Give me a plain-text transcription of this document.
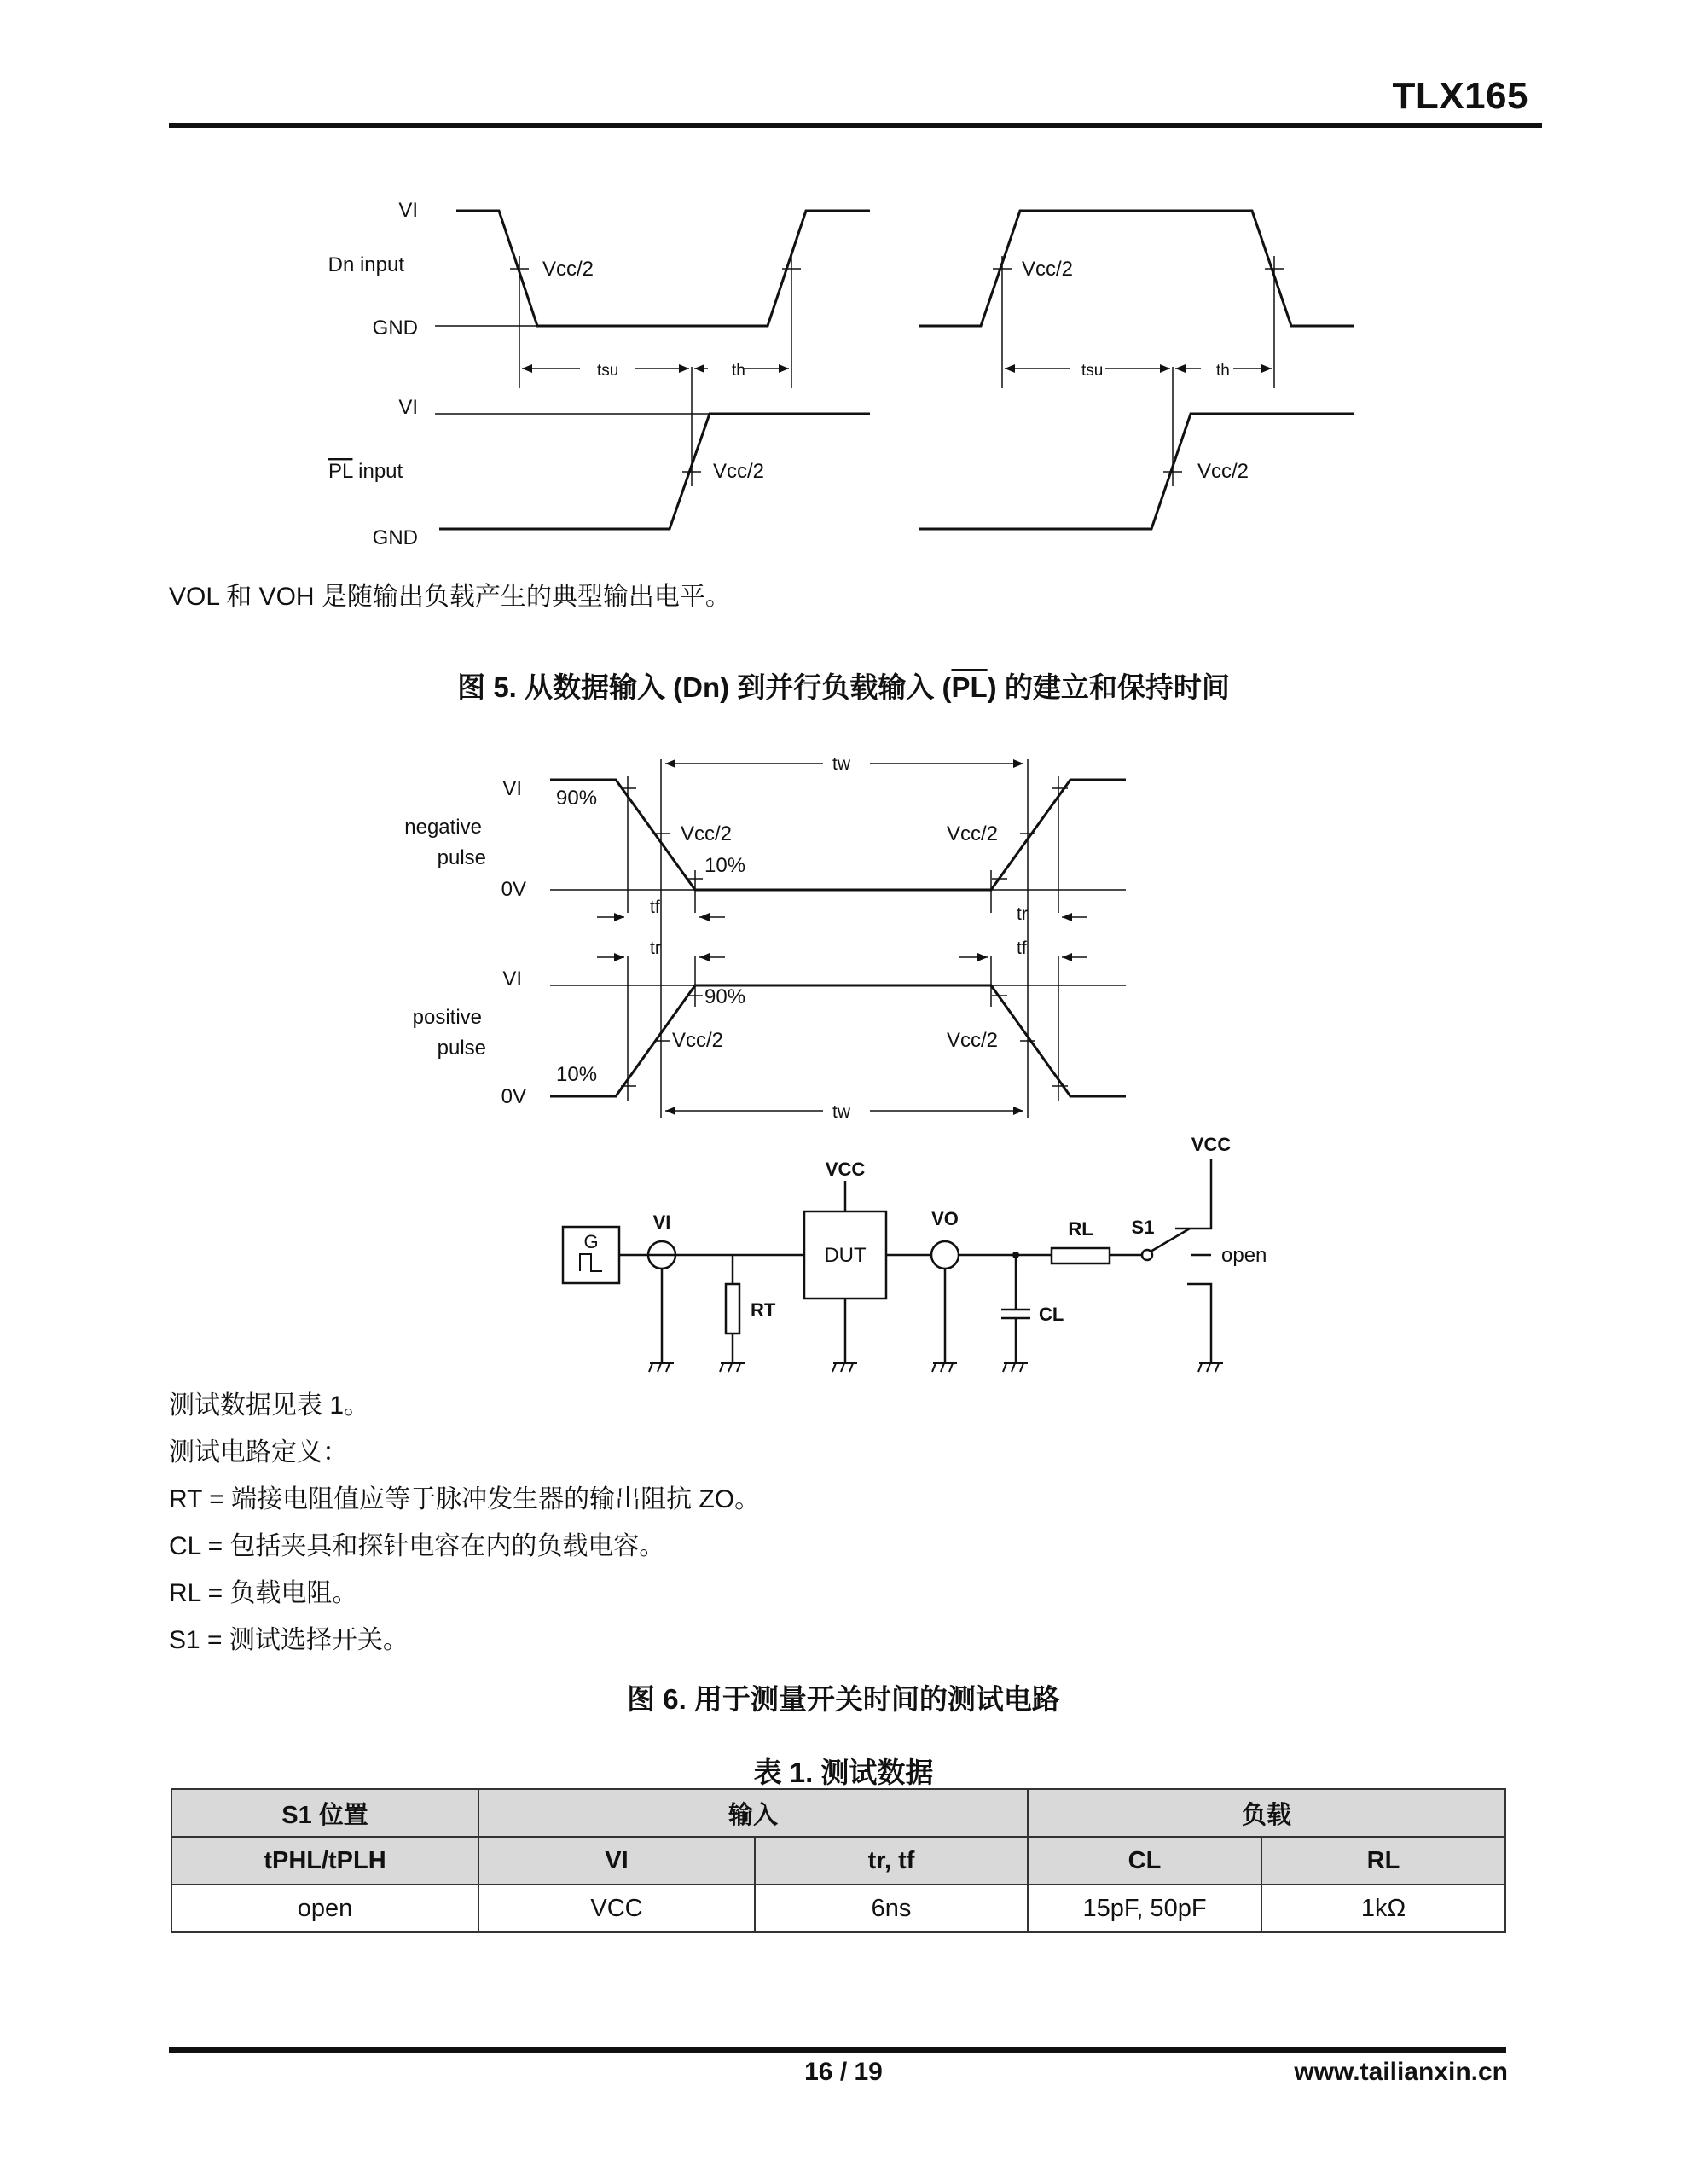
TLX165
VI
Dn input
GND
Vcc/2
tsu	th
VI
PL input
GND
Vcc/2
Vcc/2
tsu	th
Vcc/2
VOL 和 VOH 是随输出负载产生的典型输出电平。
图 5. 从数据输入 (Dn) 到并行负载输入 $(\overline{PL})$ 的建立和保持时间
VI 90%
negative
pulse
Vcc/2	Vcc/2
10%
0V
tw
tf	tr
tr	tf
VI
90%
positive
pulse	Vcc/2	Vcc/2
10%
0V
tw
G
VI
VCC
DUT
VO	RL S1
VCC
open
RT	CL
测试数据见表 1。
测试电路定义：
RT = 端接电阻值应等于脉冲发生器的输出阻抗 ZO。
CL = 包括夹具和探针电容在内的负载电容。
RL = 负载电阻。
S1 = 测试选择开关。
图 6. 用于测量开关时间的测试电路
表 1. 测试数据
S1 位置	输入		负载	
tPHL/tPLH	VI	tr, tf	CL	RL
open	VCC	6ns	15pF, 50pF	1kΩ
16 / 19	www.tailianxin.cn
